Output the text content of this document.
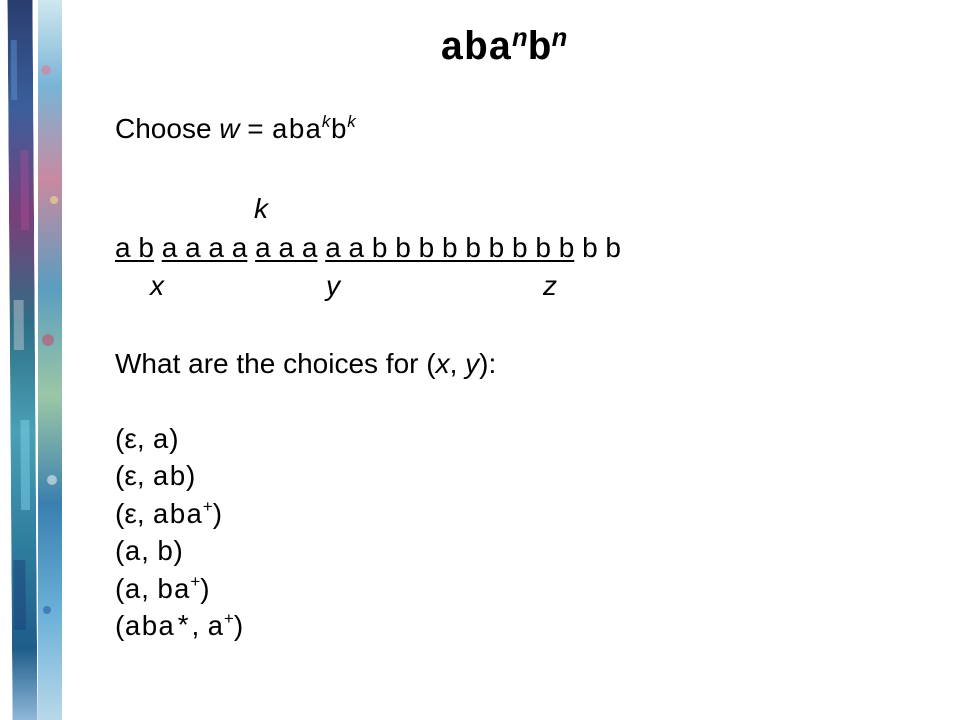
$aba^nb^n$
Choose $w = aba^kb^k$
k
a b a a a a a a a a a b b b b b b b b b b b
x	y	z
What are the choices for (x, y):
(ε, a)
(ε, ab)
(ε, aba+)
(a, b)
(a, ba+)
(aba*, a+)
